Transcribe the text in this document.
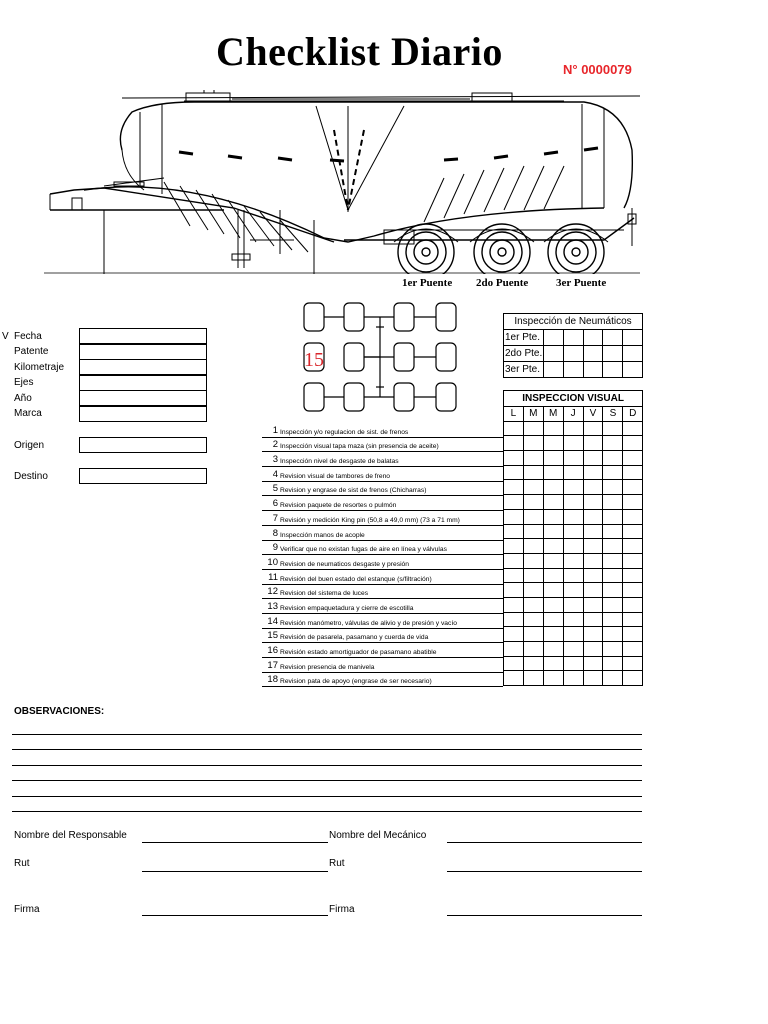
Checklist Diario	N° 0000079
1er Puente 2do Puente	3er Puente
V Fecha
Patente
Kilometraje
Ejes
Año
Marca
Origen
Destino
15
Inspección de Neumáticos					
1er Pte.					
2do Pte.					
3er Pte.					
INSPECCION VISUAL						
L	M	M	J	V	S	D

1 Inspección y/o regulacion de sist. de frenos
2 Inspección visual tapa maza (sin presencia de aceite)
3 Inspección nivel de desgaste de balatas
4 Revision visual de tambores de freno
5 Revision y engrase de sist de frenos (Chicharras)
6 Revision paquete de resortes o pulmón
7 Revisión y medición King pin (50,8 a 49,0 mm) (73 a 71 mm)
8 Inspección manos de acople
9 Verificar que no existan fugas de aire en línea y válvulas
10 Revision de neumaticos desgaste y presión
11 Revisión del buen estado del estanque (s/filtración)
12 Revision del sistema de luces
13 Revision empaquetadura y cierre de escotilla
14 Revisión manómetro, válvulas de alivio y de presión y vacío
15 Revisión de pasarela, pasamano y cuerda de vida
16 Revisión estado amortiguador de pasamano abatible
17 Revision presencia de manivela
18 Revision pata de apoyo (engrase de ser necesario)
OBSERVACIONES:
Nombre del Responsable
Rut
Firma
Nombre del Mecánico
Rut
Firma
